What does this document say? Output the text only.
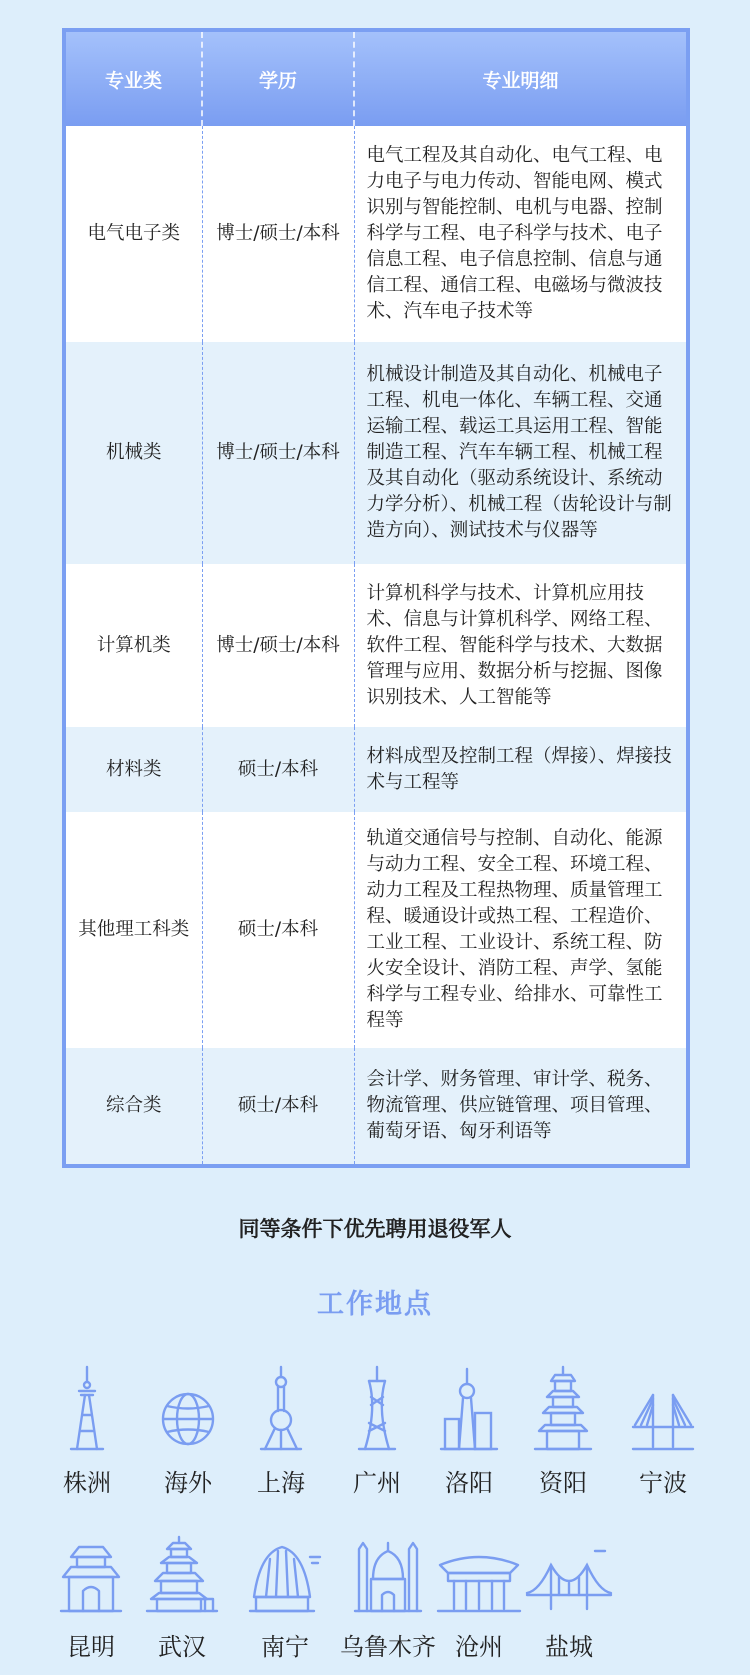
专业类	学历	专业明细
电气电子类	博士/硕士/本科	电气工程及其自动化、电气工程、电力电子与电力传动、智能电网、模式识别与智能控制、电机与电器、控制科学与工程、电子科学与技术、电子信息工程、电子信息控制、信息与通信工程、通信工程、电磁场与微波技术、汽车电子技术等
机械类	博士/硕士/本科	机械设计制造及其自动化、机械电子工程、机电一体化、车辆工程、交通运输工程、载运工具运用工程、智能制造工程、汽车车辆工程、机械工程及其自动化（驱动系统设计、系统动力学分析）、机械工程（齿轮设计与制造方向）、测试技术与仪器等
计算机类	博士/硕士/本科	计算机科学与技术、计算机应用技术、信息与计算机科学、网络工程、软件工程、智能科学与技术、大数据管理与应用、数据分析与挖掘、图像识别技术、人工智能等
材料类	硕士/本科	材料成型及控制工程（焊接）、焊接技术与工程等
其他理工科类	硕士/本科	轨道交通信号与控制、自动化、能源与动力工程、安全工程、环境工程、动力工程及工程热物理、质量管理工程、暖通设计或热工程、工程造价、工业工程、工业设计、系统工程、防火安全设计、消防工程、声学、氢能科学与工程专业、给排水、可靠性工程等
综合类	硕士/本科	会计学、财务管理、审计学、税务、物流管理、供应链管理、项目管理、葡萄牙语、匈牙利语等
同等条件下优先聘用退役军人
工作地点
株洲	海外	上海	广州	洛阳	资阳	宁波
昆明	武汉	南宁	乌鲁木齐 沧州	盐城
